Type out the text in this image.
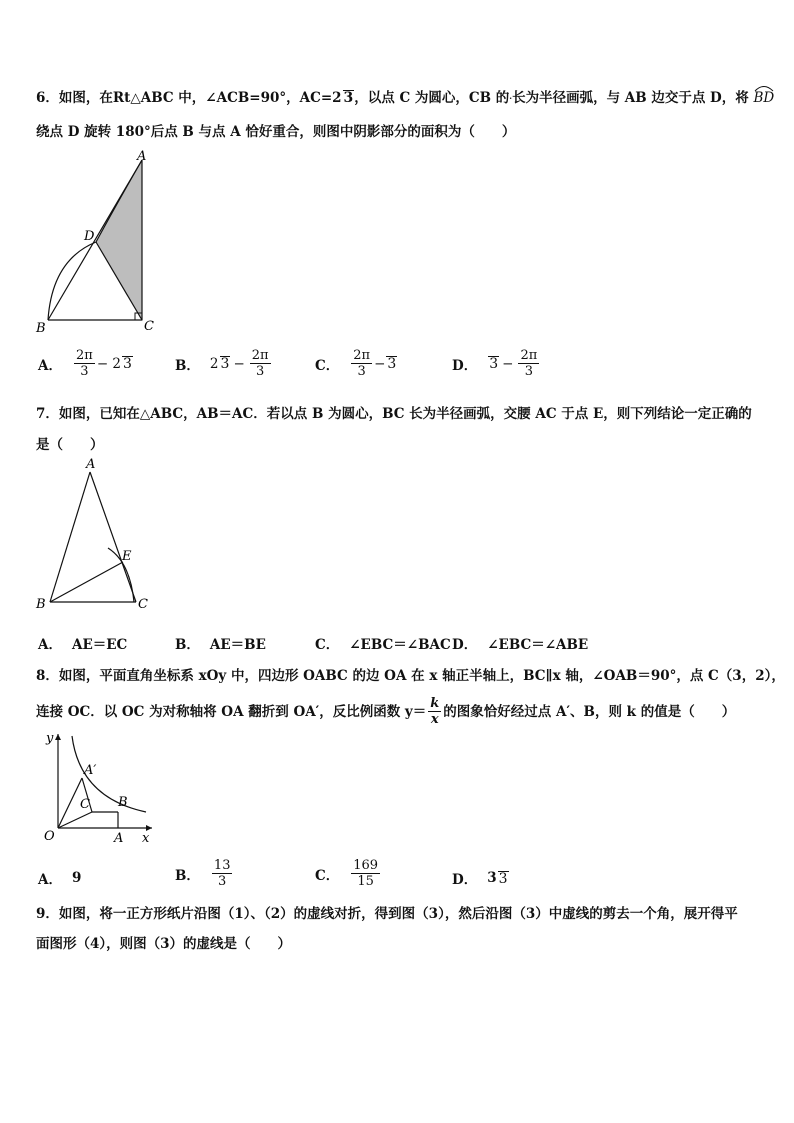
6．如图，在Rt△ABC 中，∠ACB=90°，AC=2 3，以点 C 为圆心，CB 的·长为半径画弧，与 AB 边交于点 D，将 BD
绕点 D 旋转 180°后点 B 与点 A 恰好重合，则图中阴影部分的面积为（　　）
A
D
B	C
A． $\frac{2\pi}{3} - 2$ 3	B． 2 $3 - \frac{2\pi}{3}$	C． $\frac{2\pi}{3} - 3$	D． $3 - \frac{2\pi}{3}$
7．如图，已知在△ABC，AB＝AC．若以点 B 为圆心，BC 长为半径画弧，交腰 AC 于点 E，则下列结论一定正确的
是（　　）
A
E
B	C
A． AE＝EC	B． AE＝BE	C． ∠EBC＝∠BAC D． ∠EBC＝∠ABE
8．如图，平面直角坐标系 xOy 中，四边形 OABC 的边 OA 在 x 轴正半轴上，BC∥x 轴，∠OAB＝90°，点 C（3，2），
连接 OC．以 OC 为对称轴将 OA 翻折到 OA′，反比例函数 $y= \frac{k}{x}$ 的图象恰好经过点 A′、B，则 k 的值是（　　）
y
x
O	A
B
C
A′
A． 9	B． $\frac{13}{3}$	C． $\frac{169}{15}$	D． 3 3
9．如图，将一正方形纸片沿图（1）、（2）的虚线对折，得到图（3），然后沿图（3）中虚线的剪去一个角，展开得平
面图形（4），则图（3）的虚线是（　　）
